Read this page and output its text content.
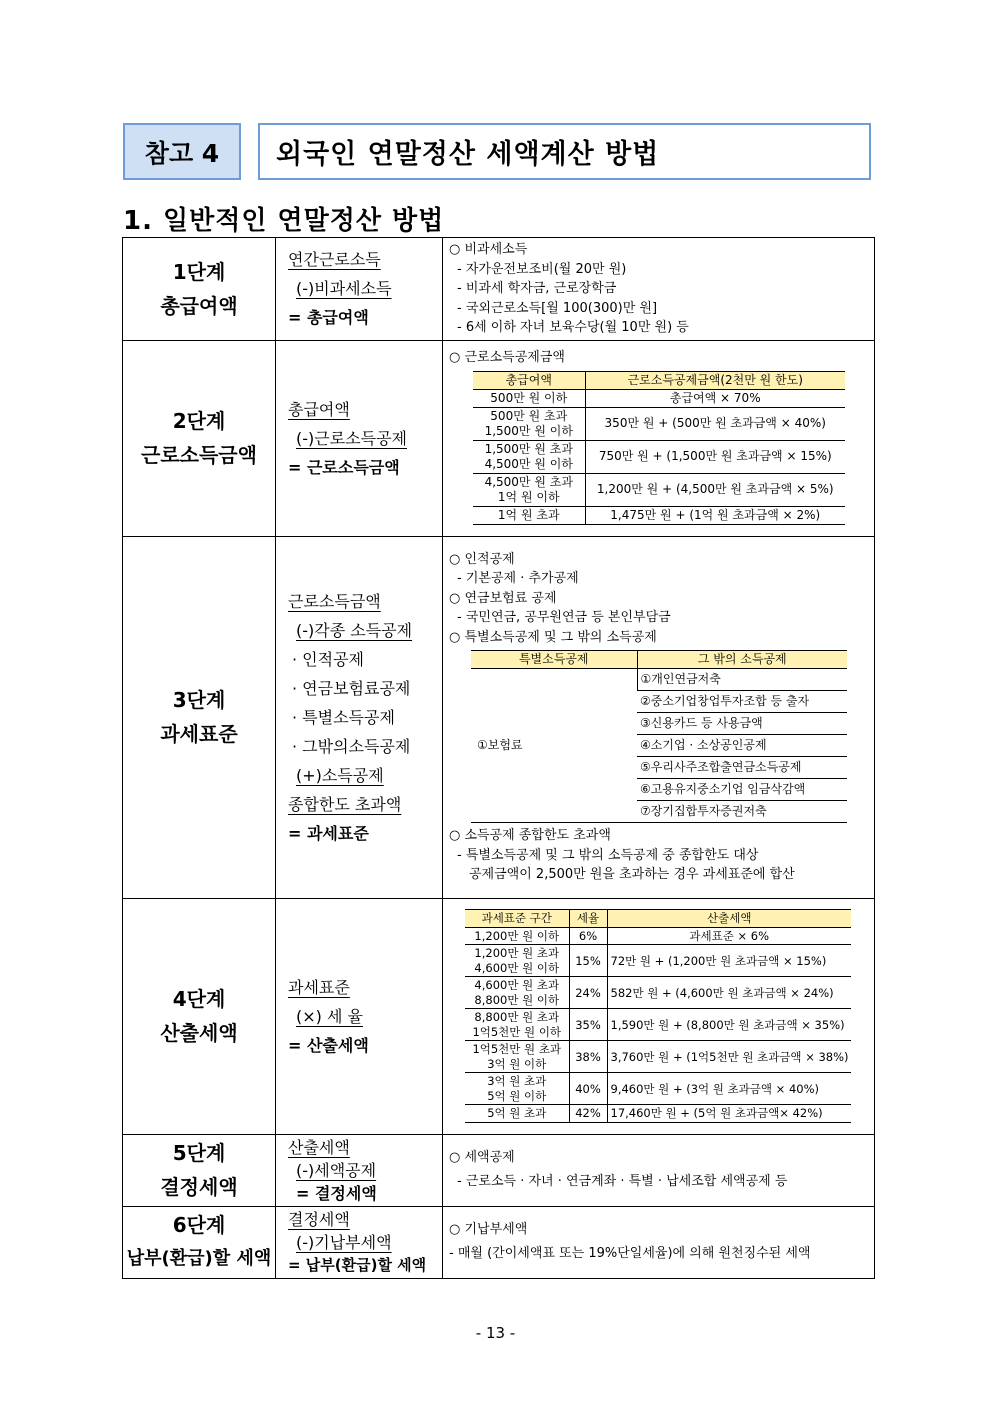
참고 4	외국인 연말정산 세액계산 방법
1. 일반적인 연말정산 방법
1단계
총급여액

연간근로소득
(-)비과세소득
= 총급여액

○ 비과세소득
- 자가운전보조비(월 20만 원)
- 비과세 학자금, 근로장학금
- 국외근로소득[월 100(300)만 원]
- 6세 이하 자녀 보육수당(월 10만 원) 등

2단계
근로소득금액

총급여액
(-)근로소득공제
= 근로소득금액

○ 근로소득공제금액
총급여액	근로소득공제금액(2천만 원 한도)
500만 원 이하	총급여액 × 70%
500만 원 초과
1,500만 원 이하	350만 원 + (500만 원 초과금액 × 40%)
1,500만 원 초과
4,500만 원 이하	750만 원 + (1,500만 원 초과금액 × 15%)
4,500만 원 초과
1억 원 이하	1,200만 원 + (4,500만 원 초과금액 × 5%)
1억 원 초과	1,475만 원 + (1억 원 초과금액 × 2%)

3단계
과세표준

근로소득금액
(-)각종 소득공제
· 인적공제
· 연금보험료공제
· 특별소득공제
· 그밖의소득공제
(+)소득공제
종합한도 초과액
= 과세표준

○ 인적공제
- 기본공제 · 추가공제
○ 연금보험료 공제
- 국민연금, 공무원연금 등 본인부담금
○ 특별소득공제 및 그 밖의 소득공제
특별소득공제	그 밖의 소득공제
①보험료	①개인연금저축
②중소기업창업투자조합 등 출자
③신용카드 등 사용금액
④소기업 · 소상공인공제
⑤우리사주조합출연금소득공제
⑥고용유지중소기업 임금삭감액
⑦장기집합투자증권저축
○ 소득공제 종합한도 초과액
- 특별소득공제 및 그 밖의 소득공제 중 종합한도 대상
공제금액이 2,500만 원을 초과하는 경우 과세표준에 합산

4단계
산출세액

과세표준
(×) 세 율
= 산출세액

과세표준 구간	세율	산출세액
1,200만 원 이하	6%	과세표준 × 6%
1,200만 원 초과
4,600만 원 이하	15%	72만 원 + (1,200만 원 초과금액 × 15%)
4,600만 원 초과
8,800만 원 이하	24%	582만 원 + (4,600만 원 초과금액 × 24%)
8,800만 원 초과
1억5천만 원 이하	35%	1,590만 원 + (8,800만 원 초과금액 × 35%)
1억5천만 원 초과
3억 원 이하	38%	3,760만 원 + (1억5천만 원 초과금액 × 38%)
3억 원 초과
5억 원 이하	40%	9,460만 원 + (3억 원 초과금액 × 40%)
5억 원 초과	42%	17,460만 원 + (5억 원 초과금액× 42%)

5단계
결정세액

산출세액
(-)세액공제
= 결정세액

○ 세액공제
- 근로소득 · 자녀 · 연금계좌 · 특별 · 납세조합 세액공제 등

6단계
납부(환급)할 세액

결정세액
(-)기납부세액
= 납부(환급)할 세액

○ 기납부세액
- 매월 (간이세액표 또는 19%단일세율)에 의해 원천징수된 세액
- 13 -
